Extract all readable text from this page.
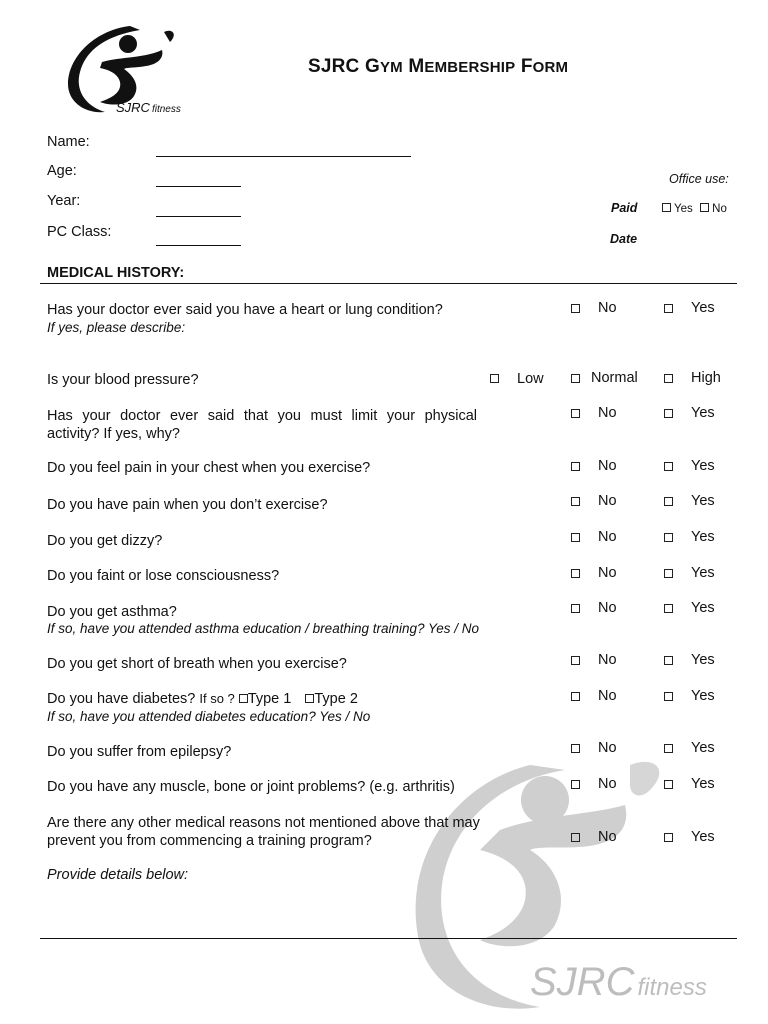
SJRC fitness
SJRC fitness
SJRC GYM MEMBERSHIP FORM
Name:
Age:
Year:
PC Class:
Office use:
Paid	Yes No
Date
MEDICAL HISTORY:
Has your doctor ever said you have a heart or lung condition?
If yes, please describe:
No	Yes
Is your blood pressure?	Low	Normal	High
Has your doctor ever said that you must limit your physical
activity? If yes, why?
No	Yes
Do you feel pain in your chest when you exercise?	No	Yes
Do you have pain when you don’t exercise?	No	Yes
Do you get dizzy?	No	Yes
Do you faint or lose consciousness?	No	Yes
Do you get asthma?
If so, have you attended asthma education / breathing training? Yes / No
No	Yes
Do you get short of breath when you exercise?	No	Yes
Do you have diabetes? If so ? Type 1 Type 2
If so, have you attended diabetes education? Yes / No
No	Yes
Do you suffer from epilepsy?	No	Yes
Do you have any muscle, bone or joint problems? (e.g. arthritis)	No	Yes
Are there any other medical reasons not mentioned above that may
prevent you from commencing a training program?	No	Yes
Provide details below:
